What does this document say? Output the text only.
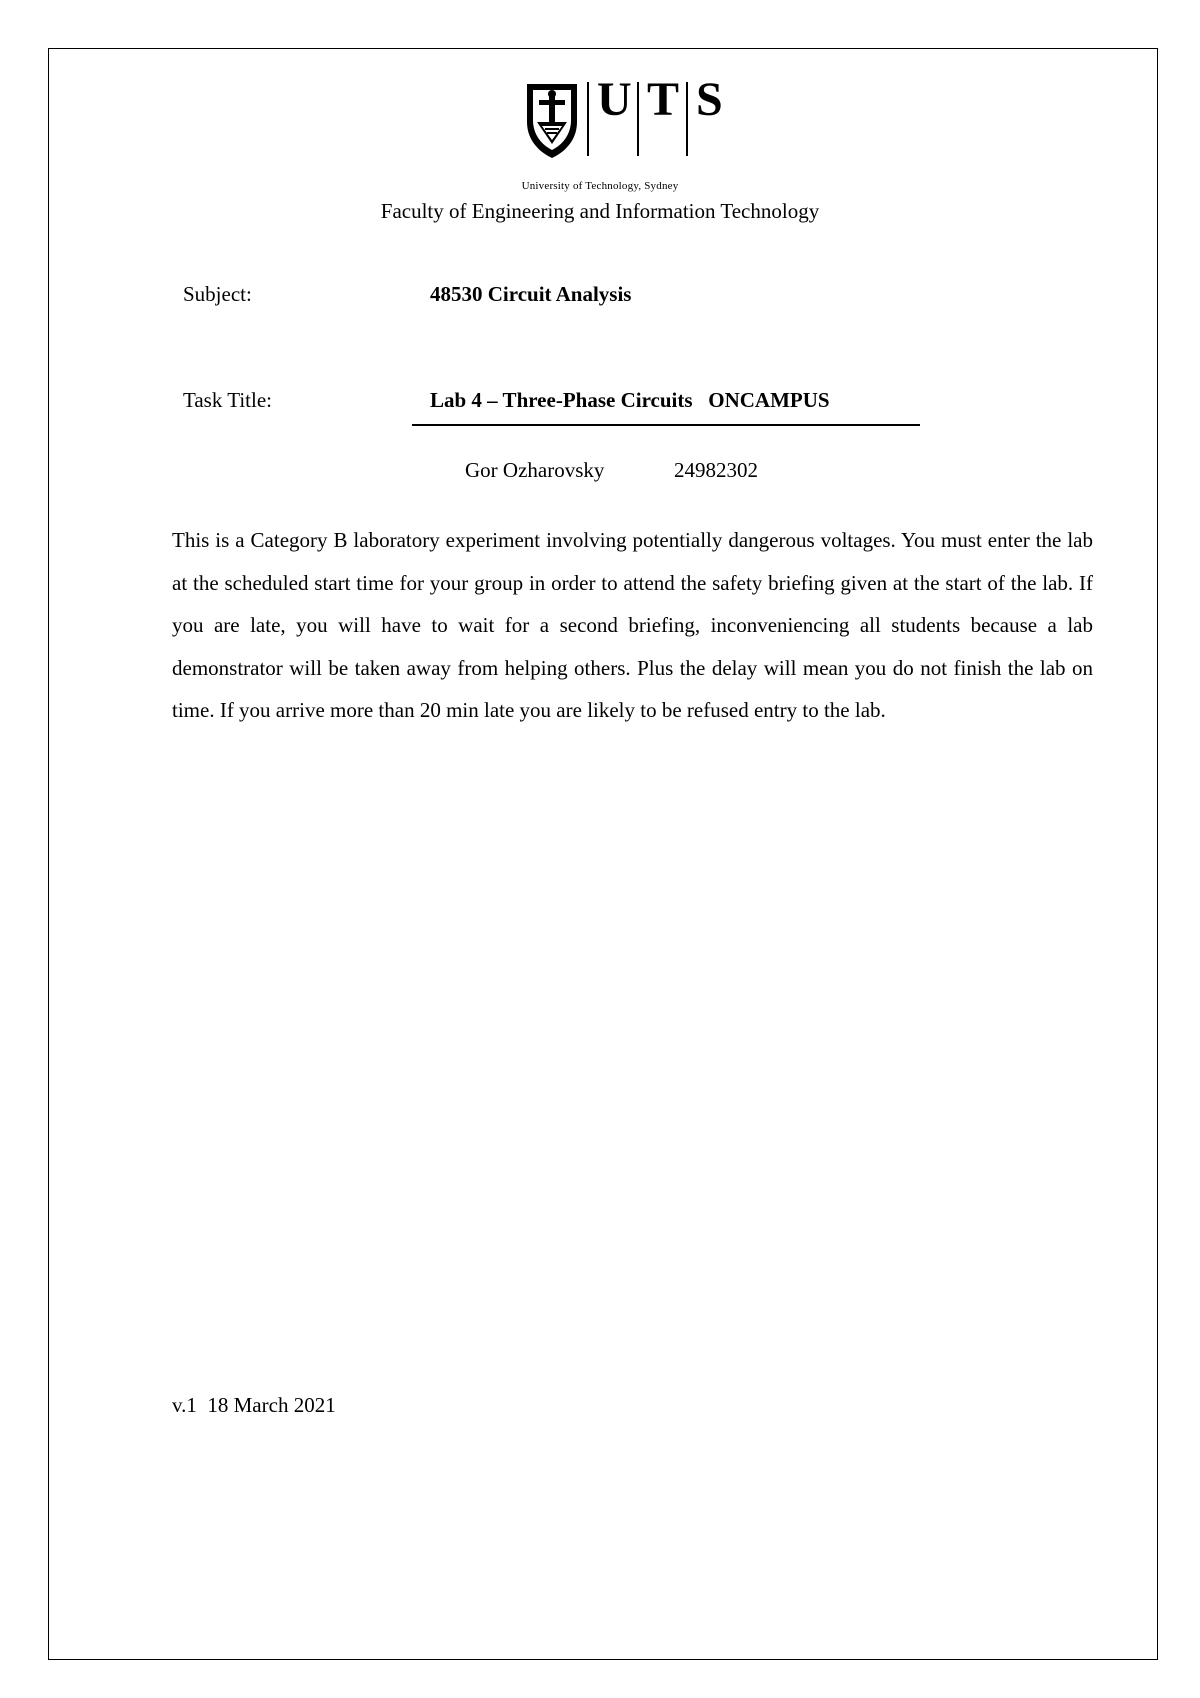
U T S
University of Technology, Sydney
Faculty of Engineering and Information Technology
Subject:	48530 Circuit Analysis
Task Title:	Lab 4 – Three-Phase Circuits   ONCAMPUS
Gor Ozharovsky	24982302

This is a Category B laboratory experiment involving potentially dangerous voltages. You must enter the lab at the scheduled start time for your group in order to attend the safety briefing given at the start of the lab. If you are late, you will have to wait for a second briefing, inconveniencing all students because a lab demonstrator will be taken away from helping others. Plus the delay will mean you do not finish the lab on time. If you arrive more than 20 min late you are likely to be refused entry to the lab.

v.1  18 March 2021
